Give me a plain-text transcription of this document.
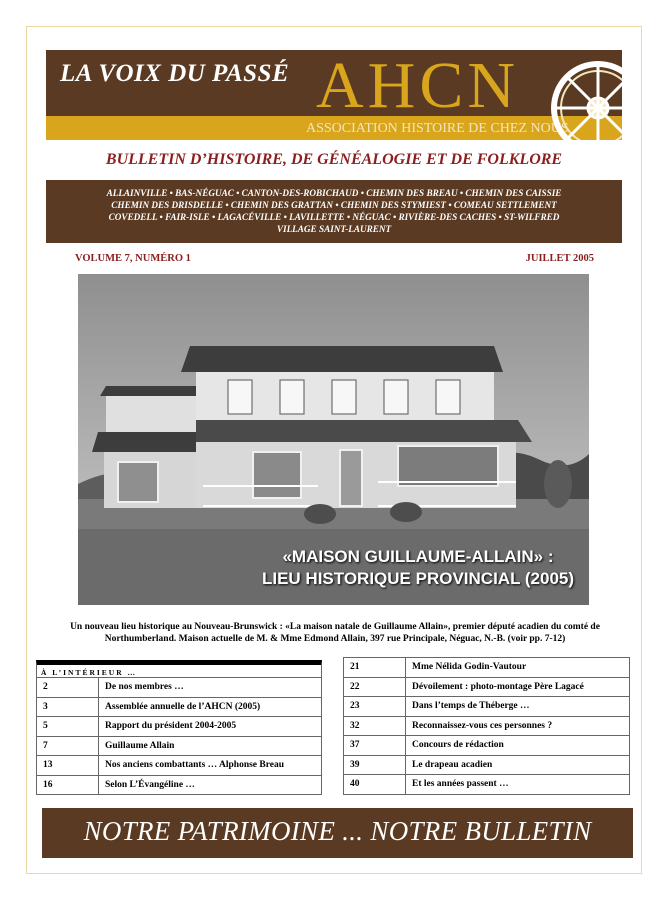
LA VOIX DU PASSÉ AHCN
ASSOCIATION HISTOIRE DE CHEZ NOUS
BULLETIN D’HISTOIRE, DE GÉNÉALOGIE ET DE FOLKLORE
ALLAINVILLE • BAS-NÉGUAC • CANTON-DES-ROBICHAUD • CHEMIN DES BREAU • CHEMIN DES CAISSIE
CHEMIN DES DRISDELLE • CHEMIN DES GRATTAN • CHEMIN DES STYMIEST • COMEAU SETTLEMENT
COVEDELL • FAIR-ISLE • LAGACÉVILLE • LAVILLETTE • NÉGUAC • RIVIÈRE-DES CACHES • ST-WILFRED
VILLAGE SAINT-LAURENT
VOLUME 7, NUMÉRO 1	JUILLET 2005
«MAISON GUILLAUME-ALLAIN» :
LIEU HISTORIQUE PROVINCIAL (2005)
Un nouveau lieu historique au Nouveau-Brunswick : «La maison natale de Guillaume Allain», premier député acadien du comté de
Northumberland. Maison actuelle de M. & Mme Edmond Allain, 397 rue Principale, Néguac, N.-B. (voir pp. 7-12)
À L’INTÉRIEUR …
2	De nos membres …
3	Assemblée annuelle de l’AHCN (2005)
5	Rapport du président 2004-2005
7	Guillaume Allain
13	Nos anciens combattants … Alphonse Breau
16	Selon L’Évangéline …
21	Mme Nélida Godin-Vautour
22	Dévoilement : photo-montage Père Lagacé
23	Dans l’temps de Théberge …
32	Reconnaissez-vous ces personnes ?
37	Concours de rédaction
39	Le drapeau acadien
40	Et les années passent …
NOTRE PATRIMOINE ... NOTRE BULLETIN
